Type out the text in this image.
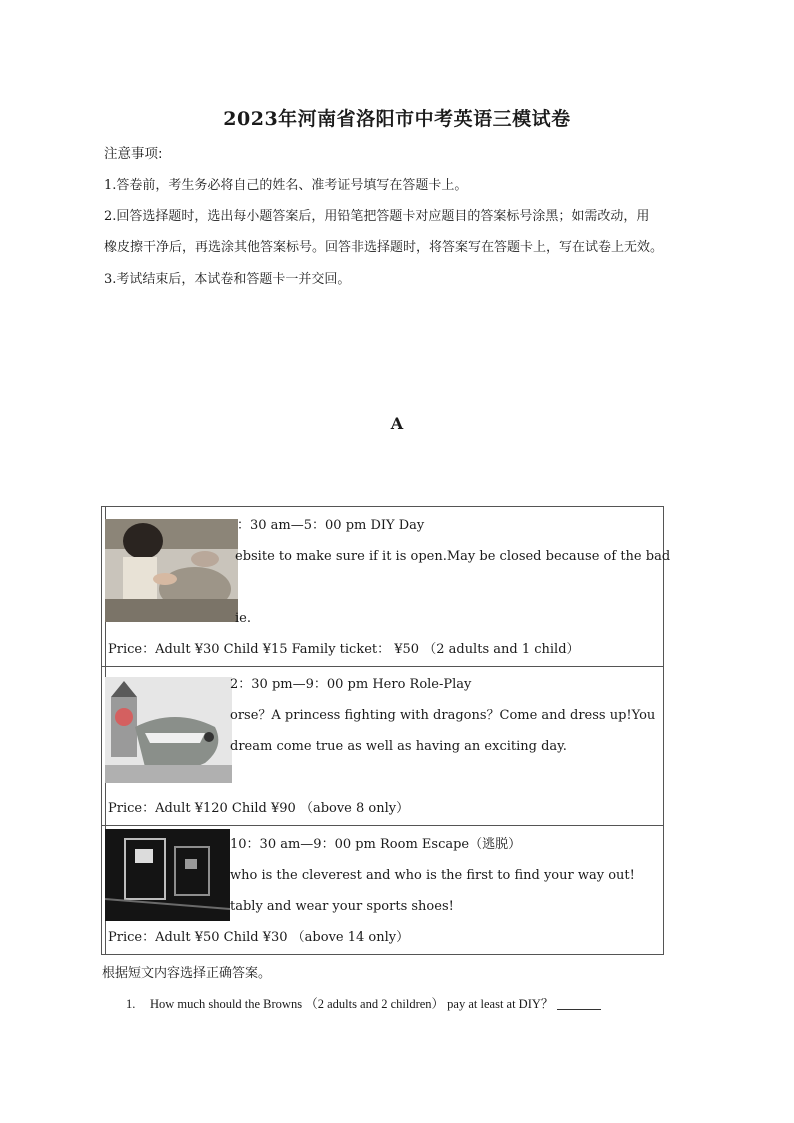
2023年河南省洛阳市中考英语三模试卷
注意事项:
1.答卷前，考生务必将自己的姓名、准考证号填写在答题卡上。
2.回答选择题时，选出每小题答案后，用铅笔把答题卡对应题目的答案标号涂黑；如需改动，用
橡皮擦干净后，再选涂其他答案标号。回答非选择题时，将答案写在答题卡上，写在试卷上无效。
3.考试结束后，本试卷和答题卡一并交回。
A
：30 am—5：00 pm DIY Day
ebsite to make sure if it is open.May be closed because of the bad
ie.
Price：Adult ¥30 Child ¥15 Family ticket： ¥50 （2 adults and 1 child）
2：30 pm—9：00 pm Hero Role-Play
orse？A princess fighting with dragons？Come and dress up!You
dream come true as well as having an exciting day.
Price：Adult ¥120 Child ¥90 （above 8 only）
10：30 am—9：00 pm Room Escape（逃脱）
who is the cleverest and who is the first to find your way out!
tably and wear your sports shoes!
Price：Adult ¥50 Child ¥30 （above 14 only）
根据短文内容选择正确答案。
1. How much should the Browns （2 adults and 2 children） pay at least at DIY？
